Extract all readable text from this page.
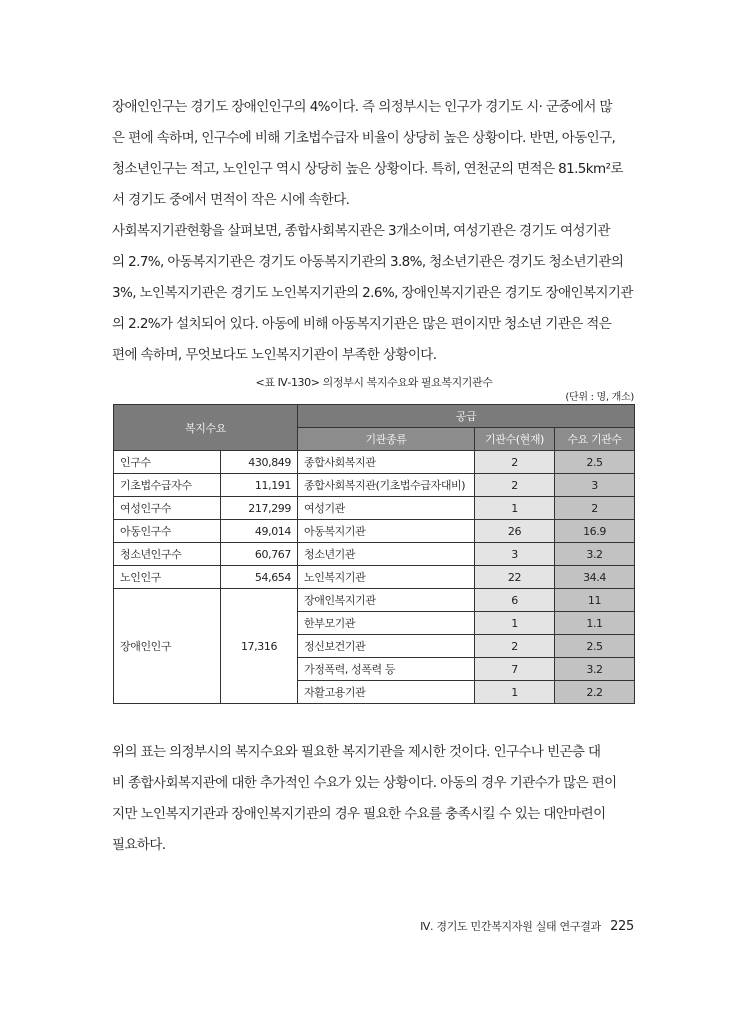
장애인인구는 경기도 장애인인구의 4%이다. 즉 의정부시는 인구가 경기도 시· 군중에서 많
은 편에 속하며, 인구수에 비해 기초법수급자 비율이 상당히 높은 상황이다. 반면, 아동인구,
청소년인구는 적고, 노인인구 역시 상당히 높은 상황이다. 특히, 연천군의 면적은 81.5km²로
서 경기도 중에서 면적이 작은 시에 속한다.
사회복지기관현황을 살펴보면, 종합사회복지관은 3개소이며, 여성기관은 경기도 여성기관
의 2.7%, 아동복지기관은 경기도 아동복지기관의 3.8%, 청소년기관은 경기도 청소년기관의
3%, 노인복지기관은 경기도 노인복지기관의 2.6%, 장애인복지기관은 경기도 장애인복지기관
의 2.2%가 설치되어 있다. 아동에 비해 아동복지기관은 많은 편이지만 청소년 기관은 적은
편에 속하며, 무엇보다도 노인복지기관이 부족한 상황이다.
<표 Ⅳ-130> 의정부시 복지수요와 필요복지기관수
(단위 : 명, 개소)
복지수요		공급		
		기관종류	기관수(현재)	수요 기관수
인구수	430,849	종합사회복지관	2	2.5
기초법수급자수	11,191	종합사회복지관(기초법수급자대비)	2	3
여성인구수	217,299	여성기관	1	2
아동인구수	49,014	아동복지기관	26	16.9
청소년인구수	60,767	청소년기관	3	3.2
노인인구	54,654	노인복지기관	22	34.4
장애인인구	17,316	장애인복지기관	6	11
		한부모기관	1	1.1
		정신보건기관	2	2.5
		가정폭력, 성폭력 등	7	3.2
		자활고용기관	1	2.2
위의 표는 의정부시의 복지수요와 필요한 복지기관을 제시한 것이다. 인구수나 빈곤층 대
비 종합사회복지관에 대한 추가적인 수요가 있는 상황이다. 아동의 경우 기관수가 많은 편이
지만 노인복지기관과 장애인복지기관의 경우 필요한 수요를 충족시킬 수 있는 대안마련이
필요하다.
Ⅳ. 경기도 민간복지자원 실태 연구결과 225
